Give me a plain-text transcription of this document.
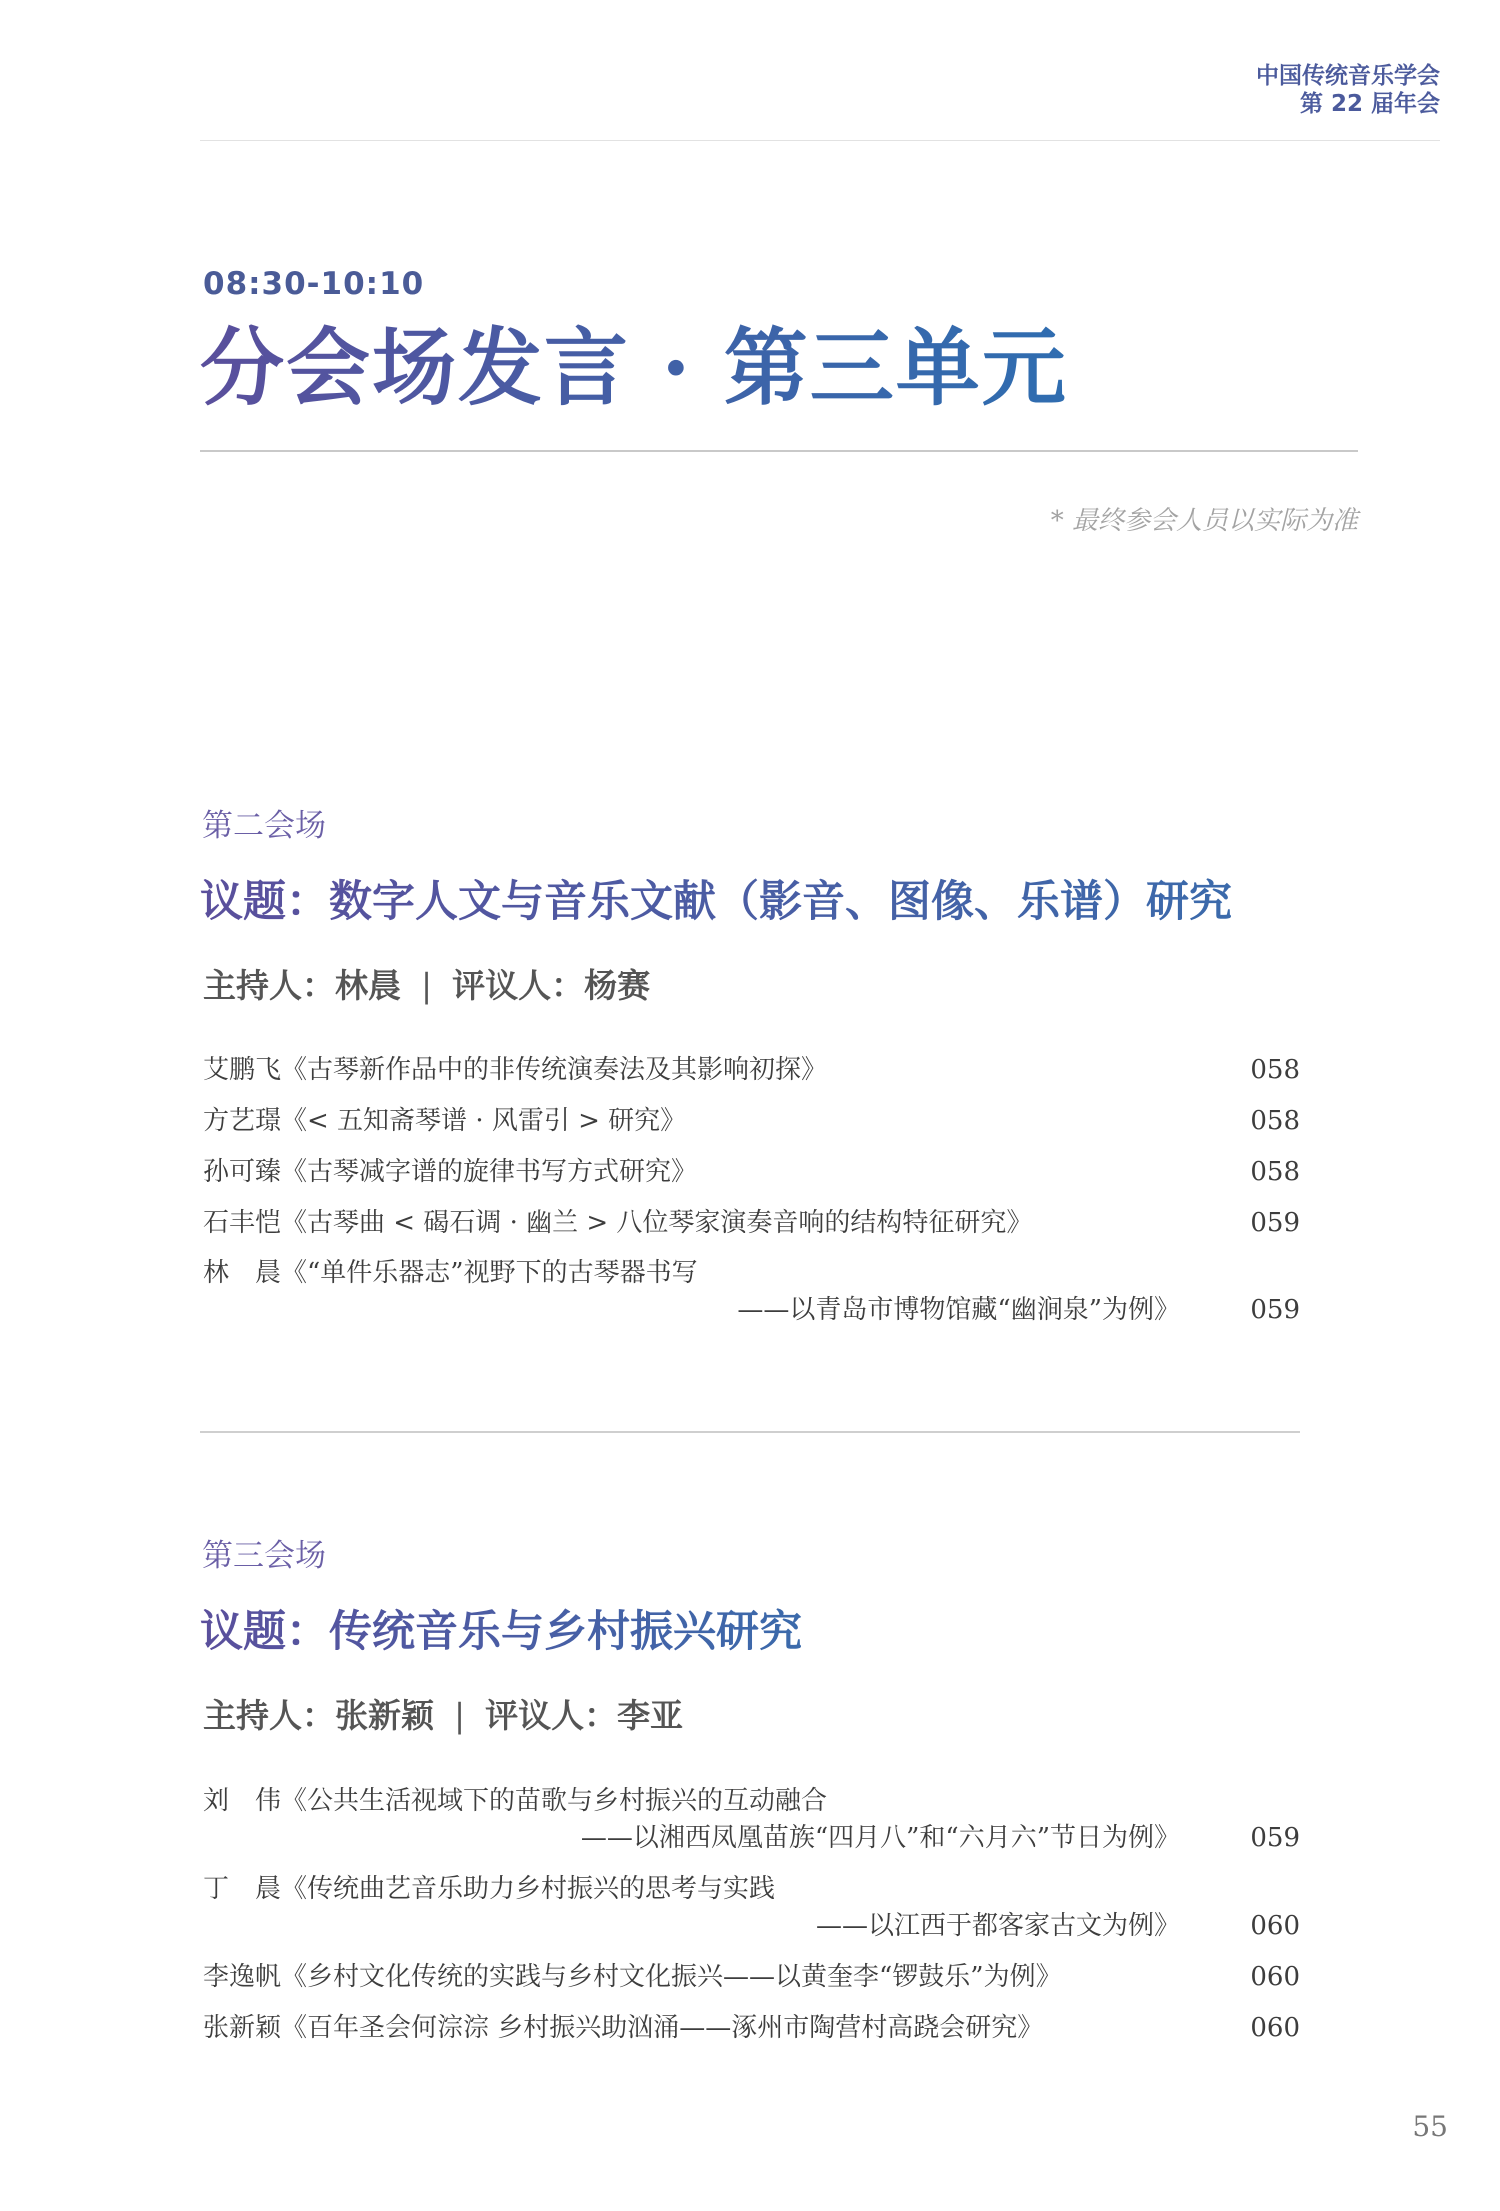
中国传统音乐学会
第 22 届年会
08:30-10:10
分会场发言 · 第三单元
* 最终参会人员以实际为准
第二会场
议题：数字人文与音乐文献（影音、图像、乐谱）研究
主持人：林晨 | 评议人：杨赛
艾鹏飞《古琴新作品中的非传统演奏法及其影响初探》	058
方艺璟《< 五知斋琴谱 · 风雷引 > 研究》	058
孙可臻《古琴减字谱的旋律书写方式研究》	058
石丰恺《古琴曲 < 碣石调 · 幽兰 > 八位琴家演奏音响的结构特征研究》	059
林　晨《“单件乐器志”视野下的古琴器书写
——以青岛市博物馆藏“幽涧泉”为例》	059
第三会场
议题：传统音乐与乡村振兴研究
主持人：张新颖 | 评议人：李亚
刘　伟《公共生活视域下的苗歌与乡村振兴的互动融合
——以湘西凤凰苗族“四月八”和“六月六”节日为例》	059
丁　晨《传统曲艺音乐助力乡村振兴的思考与实践
——以江西于都客家古文为例》	060
李逸帆《乡村文化传统的实践与乡村文化振兴——以黄奎李“锣鼓乐”为例》	060
张新颖《百年圣会何淙淙 乡村振兴助汹涌——涿州市陶营村高跷会研究》	060
55
